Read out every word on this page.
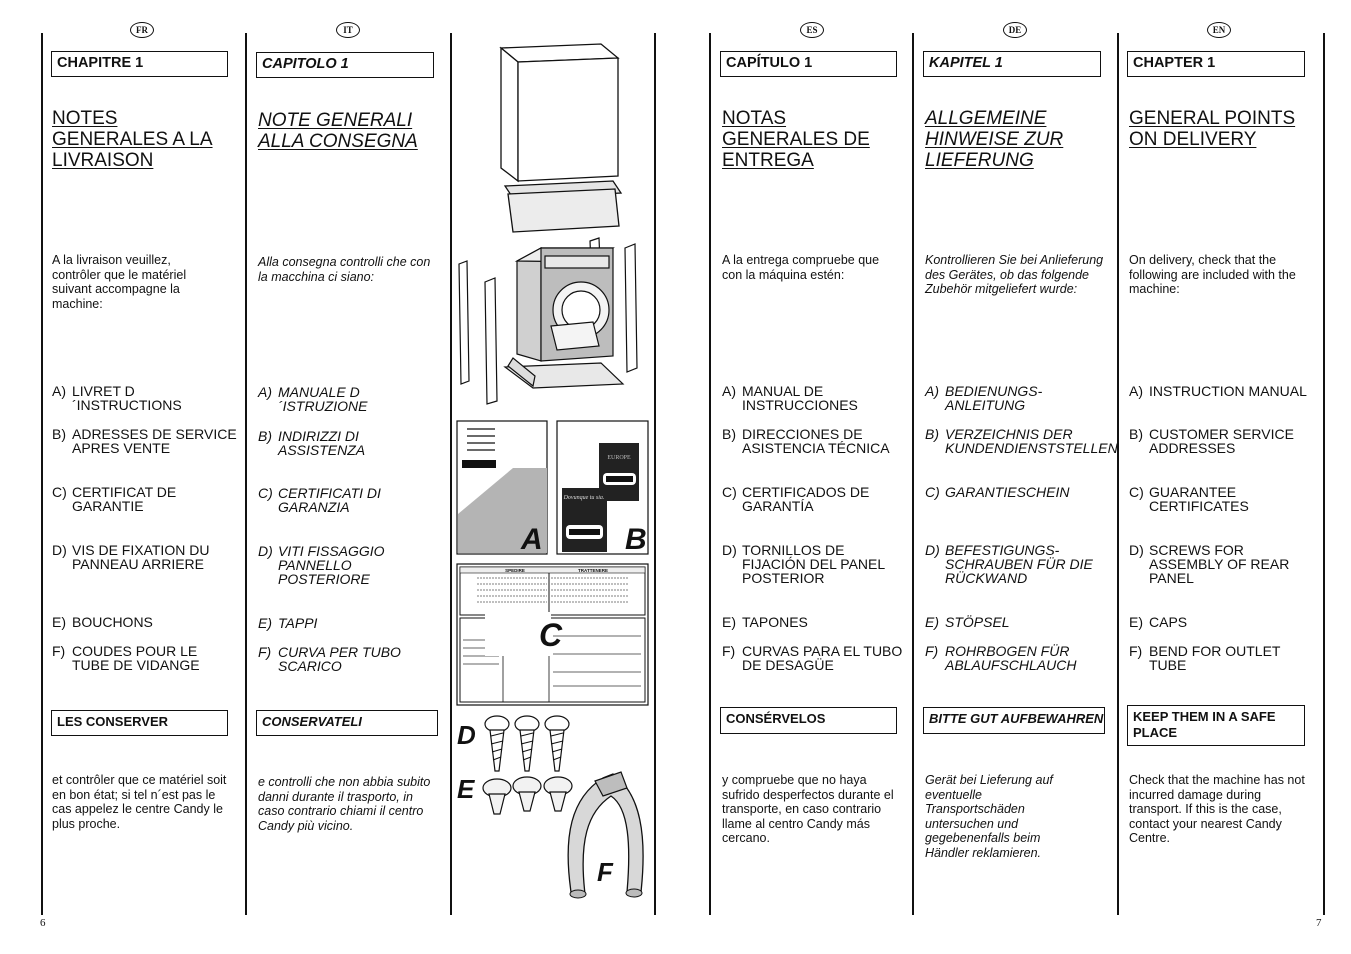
FR
CHAPITRE 1
NOTES GENERALES A LA LIVRAISON
A la livraison veuillez, contrôler que le matériel suivant accompagne la machine:
A) LIVRET D´INSTRUCTIONS
B) ADRESSES DE SERVICE APRES VENTE
C) CERTIFICAT DE GARANTIE
D) VIS DE FIXATION DU PANNEAU ARRIERE
E) BOUCHONS
F) COUDES POUR LE TUBE DE VIDANGE
LES CONSERVER
et contrôler que ce matériel soit en bon état; si tel n´est pas le cas appelez le centre Candy le plus proche.
IT
CAPITOLO 1
NOTE GENERALI ALLA CONSEGNA
Alla consegna controlli che con la macchina ci siano:
A) MANUALE D´ISTRUZIONE
B) INDIRIZZI DI ASSISTENZA
C) CERTIFICATI DI GARANZIA
D) VITI FISSAGGIO PANNELLO POSTERIORE
E) TAPPI
F) CURVA PER TUBO SCARICO
CONSERVATELI
e controlli che non abbia subito danni durante il trasporto, in caso contrario chiami il centro Candy più vicino.
A
EUROPE
Dovunque tu sia.
B
SPEDIRE	TRATTENERE
C
D
E
F
ES
CAPÍTULO 1
NOTAS GENERALES DE ENTREGA
A la entrega compruebe que con la máquina estén:
A) MANUAL DE INSTRUCCIONES
B) DIRECCIONES DE ASISTENCIA TÉCNICA
C) CERTIFICADOS DE GARANTÍA
D) TORNILLOS DE FIJACIÓN DEL PANEL POSTERIOR
E) TAPONES
F) CURVAS PARA EL TUBO DE DESAGÜE
CONSÉRVELOS
y compruebe que no haya sufrido desperfectos durante el transporte, en caso contrario llame al centro Candy más cercano.
DE
KAPITEL 1
ALLGEMEINE HINWEISE ZUR LIEFERUNG
Kontrollieren Sie bei Anlieferung des Gerätes, ob das folgende Zubehör mitgeliefert wurde:
A) BEDIENUNGS-ANLEITUNG
B) VERZEICHNIS DER KUNDENDIENSTSTELLEN
C) GARANTIESCHEIN
D) BEFESTIGUNGS-SCHRAUBEN FÜR DIE RÜCKWAND
E) STÖPSEL
F) ROHRBOGEN FÜR ABLAUFSCHLAUCH
BITTE GUT AUFBEWAHREN
Gerät bei Lieferung auf eventuelle Transportschäden untersuchen und gegebenenfalls beim Händler reklamieren.
EN
CHAPTER 1
GENERAL POINTS ON DELIVERY
On delivery, check that the following are included with the machine:
A) INSTRUCTION MANUAL
B) CUSTOMER SERVICE ADDRESSES
C) GUARANTEE CERTIFICATES
D) SCREWS FOR ASSEMBLY OF REAR PANEL
E) CAPS
F) BEND FOR OUTLET TUBE
KEEP THEM IN A SAFE PLACE
Check that the machine has not incurred damage during transport. If this is the case, contact your nearest Candy Centre.
6	7
